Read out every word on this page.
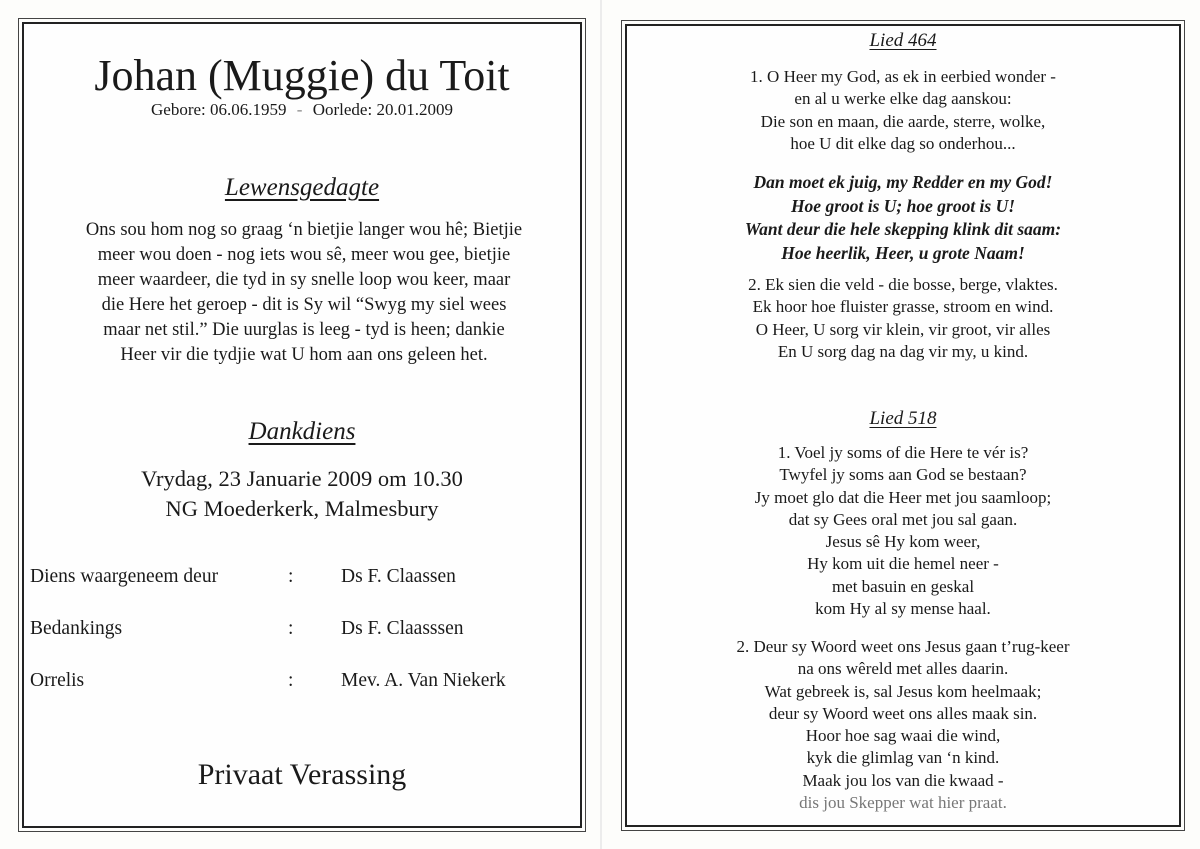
Johan (Muggie) du Toit
Gebore: 06.06.1959 - Oorlede: 20.01.2009
Lewensgedagte
Ons sou hom nog so graag ‘n bietjie langer wou hê; Bietjie
meer wou doen - nog iets wou sê, meer wou gee, bietjie
meer waardeer, die tyd in sy snelle loop wou keer, maar
die Here het geroep - dit is Sy wil “Swyg my siel wees
maar net stil.” Die uurglas is leeg - tyd is heen; dankie
Heer vir die tydjie wat U hom aan ons geleen het.
Dankdiens
Vrydag, 23 Januarie 2009 om 10.30
NG Moederkerk, Malmesbury
Diens waargeneem deur	: Ds F. Claassen
Bedankings	: Ds F. Claasssen
Orrelis	: Mev. A. Van Niekerk
Privaat Verassing
Lied 464
1. O Heer my God, as ek in eerbied wonder -
en al u werke elke dag aanskou:
Die son en maan, die aarde, sterre, wolke,
hoe U dit elke dag so onderhou...
Dan moet ek juig, my Redder en my God!
Hoe groot is U; hoe groot is U!
Want deur die hele skepping klink dit saam:
Hoe heerlik, Heer, u grote Naam!
2. Ek sien die veld - die bosse, berge, vlaktes.
Ek hoor hoe fluister grasse, stroom en wind.
O Heer, U sorg vir klein, vir groot, vir alles
En U sorg dag na dag vir my, u kind.
Lied 518
1. Voel jy soms of die Here te vér is?
Twyfel jy soms aan God se bestaan?
Jy moet glo dat die Heer met jou saamloop;
dat sy Gees oral met jou sal gaan.
Jesus sê Hy kom weer,
Hy kom uit die hemel neer -
met basuin en geskal
kom Hy al sy mense haal.
2. Deur sy Woord weet ons Jesus gaan t’rug-keer
na ons wêreld met alles daarin.
Wat gebreek is, sal Jesus kom heelmaak;
deur sy Woord weet ons alles maak sin.
Hoor hoe sag waai die wind,
kyk die glimlag van ‘n kind.
Maak jou los van die kwaad -
dis jou Skepper wat hier praat.
